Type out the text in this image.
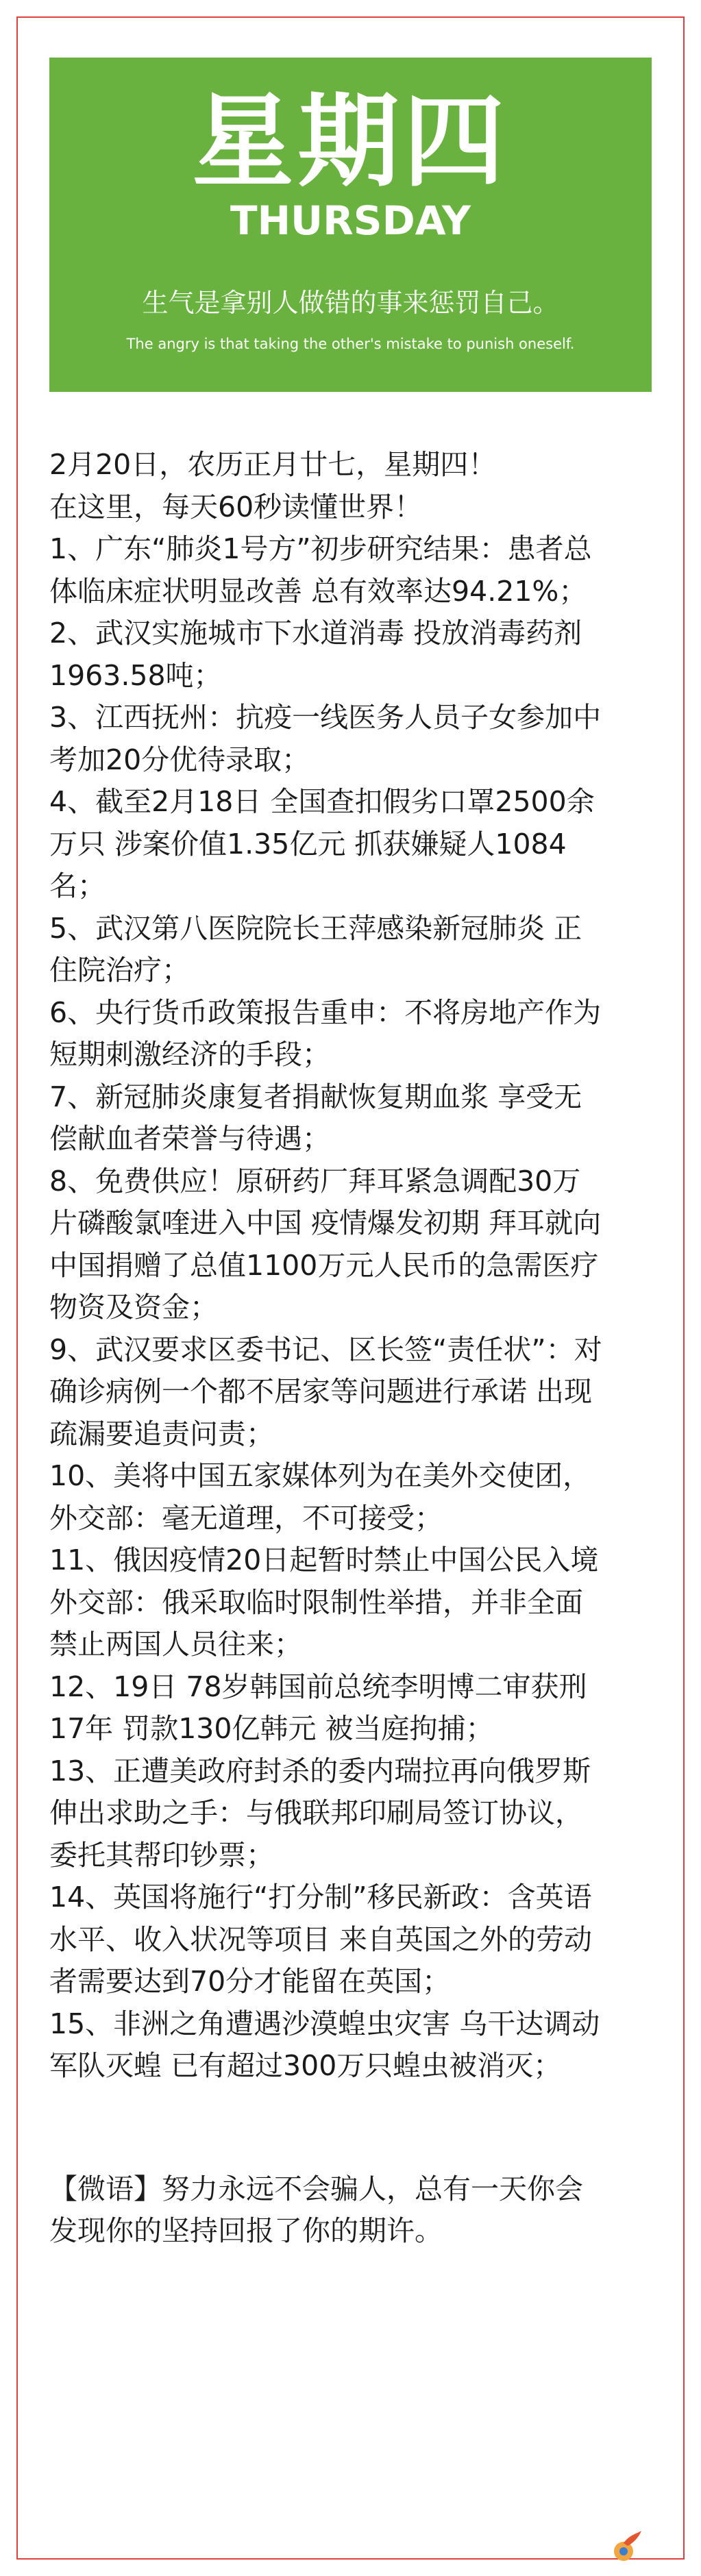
星期四
THURSDAY
生气是拿别人做错的事来惩罚自己。
The angry is that taking the other's mistake to punish oneself.
2月20日，农历正月廿七，星期四！
在这里，每天60秒读懂世界！
1、广东“肺炎1号方”初步研究结果：患者总
体临床症状明显改善 总有效率达94.21%；
2、武汉实施城市下水道消毒 投放消毒药剂
1963.58吨；
3、江西抚州：抗疫一线医务人员子女参加中
考加20分优待录取；
4、截至2月18日 全国查扣假劣口罩2500余
万只 涉案价值1.35亿元 抓获嫌疑人1084
名；
5、武汉第八医院院长王萍感染新冠肺炎 正
住院治疗；
6、央行货币政策报告重申：不将房地产作为
短期刺激经济的手段；
7、新冠肺炎康复者捐献恢复期血浆 享受无
偿献血者荣誉与待遇；
8、免费供应！原研药厂拜耳紧急调配30万
片磷酸氯喹进入中国 疫情爆发初期 拜耳就向
中国捐赠了总值1100万元人民币的急需医疗
物资及资金；
9、武汉要求区委书记、区长签“责任状”：对
确诊病例一个都不居家等问题进行承诺 出现
疏漏要追责问责；
10、美将中国五家媒体列为在美外交使团，
外交部：毫无道理，不可接受；
11、俄因疫情20日起暂时禁止中国公民入境
外交部：俄采取临时限制性举措，并非全面
禁止两国人员往来；
12、19日 78岁韩国前总统李明博二审获刑
17年 罚款130亿韩元 被当庭拘捕；
13、正遭美政府封杀的委内瑞拉再向俄罗斯
伸出求助之手：与俄联邦印刷局签订协议，
委托其帮印钞票；
14、英国将施行“打分制”移民新政：含英语
水平、收入状况等项目 来自英国之外的劳动
者需要达到70分才能留在英国；
15、非洲之角遭遇沙漠蝗虫灾害 乌干达调动
军队灭蝗 已有超过300万只蝗虫被消灭；
【微语】努力永远不会骗人，总有一天你会
发现你的坚持回报了你的期许。
